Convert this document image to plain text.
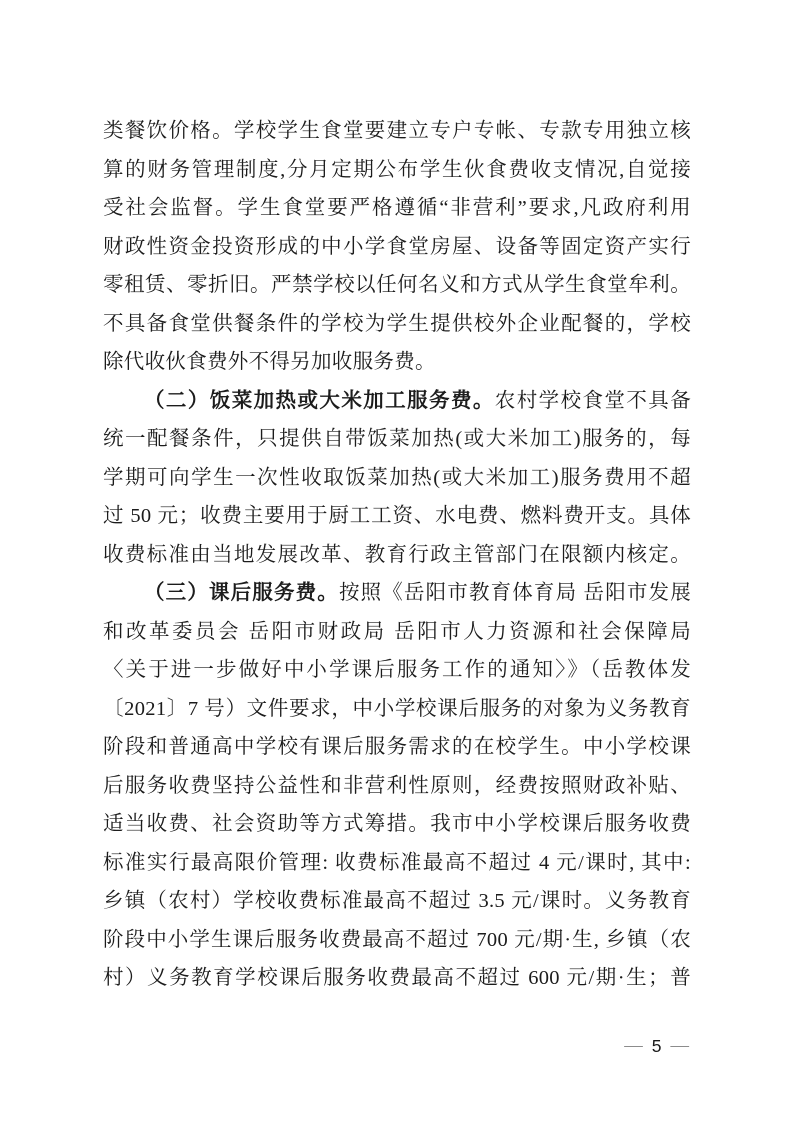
类餐饮价格。学校学生食堂要建立专户专帐、专款专用独立核
算的财务管理制度,分月定期公布学生伙食费收支情况,自觉接
受社会监督。学生食堂要严格遵循“非营利”要求,凡政府利用
财政性资金投资形成的中小学食堂房屋、设备等固定资产实行
零租赁、零折旧。严禁学校以任何名义和方式从学生食堂牟利。
不具备食堂供餐条件的学校为学生提供校外企业配餐的，学校
除代收伙食费外不得另加收服务费。
（二）饭菜加热或大米加工服务费。农村学校食堂不具备
统一配餐条件，只提供自带饭菜加热(或大米加工)服务的，每
学期可向学生一次性收取饭菜加热(或大米加工)服务费用不超
过 50 元；收费主要用于厨工工资、水电费、燃料费开支。具体
收费标准由当地发展改革、教育行政主管部门在限额内核定。
（三）课后服务费。按照《岳阳市教育体育局 岳阳市发展
和改革委员会 岳阳市财政局 岳阳市人力资源和社会保障局
〈关于进一步做好中小学课后服务工作的通知〉》（岳教体发
〔2021〕7 号）文件要求，中小学校课后服务的对象为义务教育
阶段和普通高中学校有课后服务需求的在校学生。中小学校课
后服务收费坚持公益性和非营利性原则，经费按照财政补贴、
适当收费、社会资助等方式筹措。我市中小学校课后服务收费
标准实行最高限价管理: 收费标准最高不超过 4 元/课时, 其中:
乡镇（农村）学校收费标准最高不超过 3.5 元/课时。义务教育
阶段中小学生课后服务收费最高不超过 700 元/期·生, 乡镇（农
村）义务教育学校课后服务收费最高不超过 600 元/期·生；普
— 5 —
